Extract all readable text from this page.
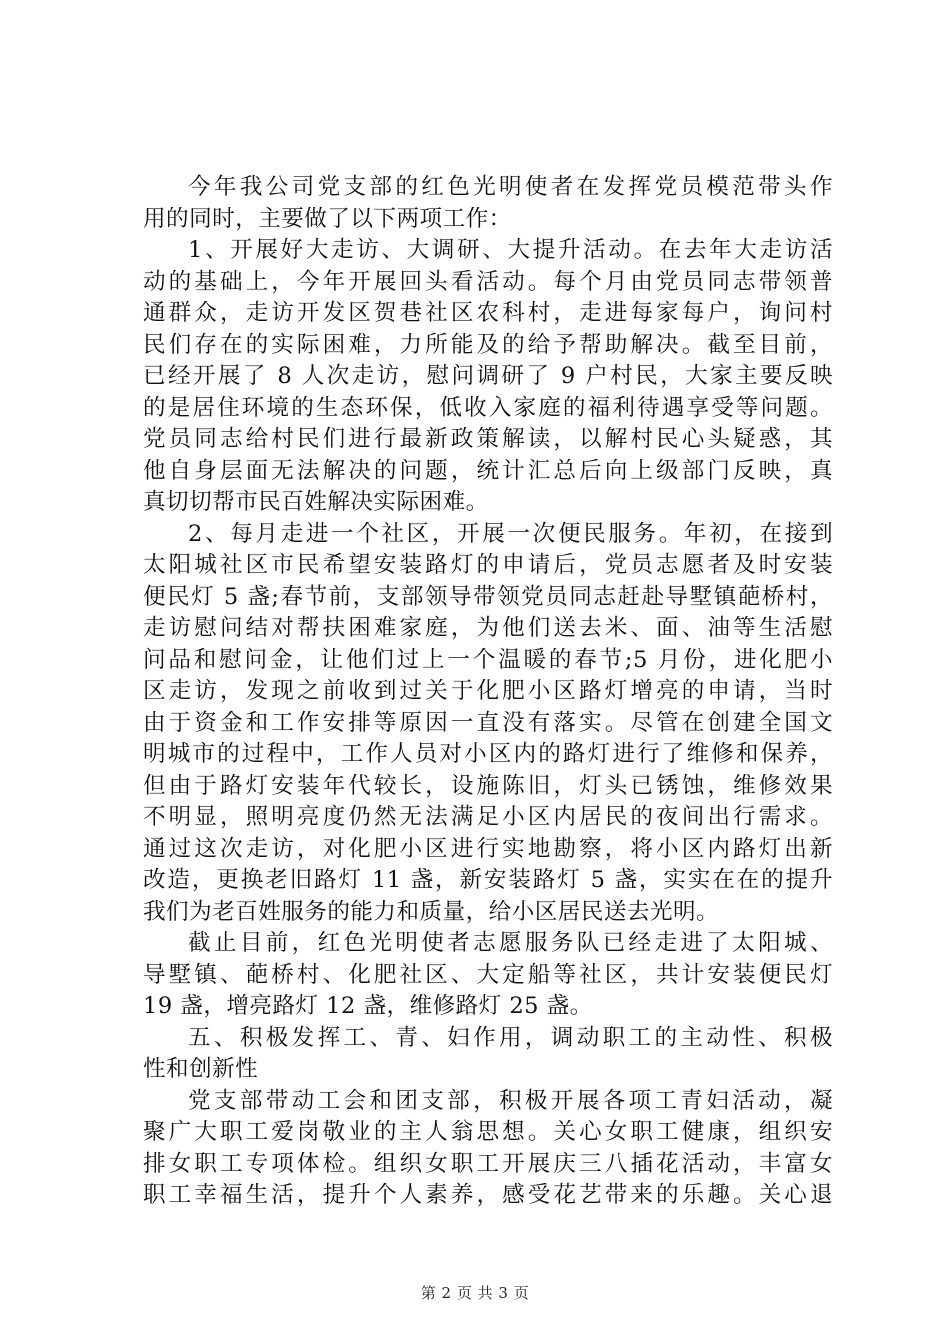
今年我公司党支部的红色光明使者在发挥党员模范带头作
用的同时，主要做了以下两项工作：
1、开展好大走访、大调研、大提升活动。在去年大走访活
动的基础上，今年开展回头看活动。每个月由党员同志带领普
通群众，走访开发区贺巷社区农科村，走进每家每户，询问村
民们存在的实际困难，力所能及的给予帮助解决。截至目前，
已经开展了 8 人次走访，慰问调研了 9 户村民，大家主要反映
的是居住环境的生态环保，低收入家庭的福利待遇享受等问题。
党员同志给村民们进行最新政策解读，以解村民心头疑惑，其
他自身层面无法解决的问题，统计汇总后向上级部门反映，真
真切切帮市民百姓解决实际困难。
2、每月走进一个社区，开展一次便民服务。年初，在接到
太阳城社区市民希望安装路灯的申请后，党员志愿者及时安装
便民灯 5 盏;春节前，支部领导带领党员同志赶赴导墅镇葩桥村，
走访慰问结对帮扶困难家庭，为他们送去米、面、油等生活慰
问品和慰问金，让他们过上一个温暖的春节;5 月份，进化肥小
区走访，发现之前收到过关于化肥小区路灯增亮的申请，当时
由于资金和工作安排等原因一直没有落实。尽管在创建全国文
明城市的过程中，工作人员对小区内的路灯进行了维修和保养，
但由于路灯安装年代较长，设施陈旧，灯头已锈蚀，维修效果
不明显，照明亮度仍然无法满足小区内居民的夜间出行需求。
通过这次走访，对化肥小区进行实地勘察，将小区内路灯出新
改造，更换老旧路灯 11 盏，新安装路灯 5 盏，实实在在的提升
我们为老百姓服务的能力和质量，给小区居民送去光明。
截止目前，红色光明使者志愿服务队已经走进了太阳城、
导墅镇、葩桥村、化肥社区、大定船等社区，共计安装便民灯
19 盏，增亮路灯 12 盏，维修路灯 25 盏。
五、积极发挥工、青、妇作用，调动职工的主动性、积极
性和创新性
党支部带动工会和团支部，积极开展各项工青妇活动，凝
聚广大职工爱岗敬业的主人翁思想。关心女职工健康，组织安
排女职工专项体检。组织女职工开展庆三八插花活动，丰富女
职工幸福生活，提升个人素养，感受花艺带来的乐趣。关心退
第 2 页 共 3 页
